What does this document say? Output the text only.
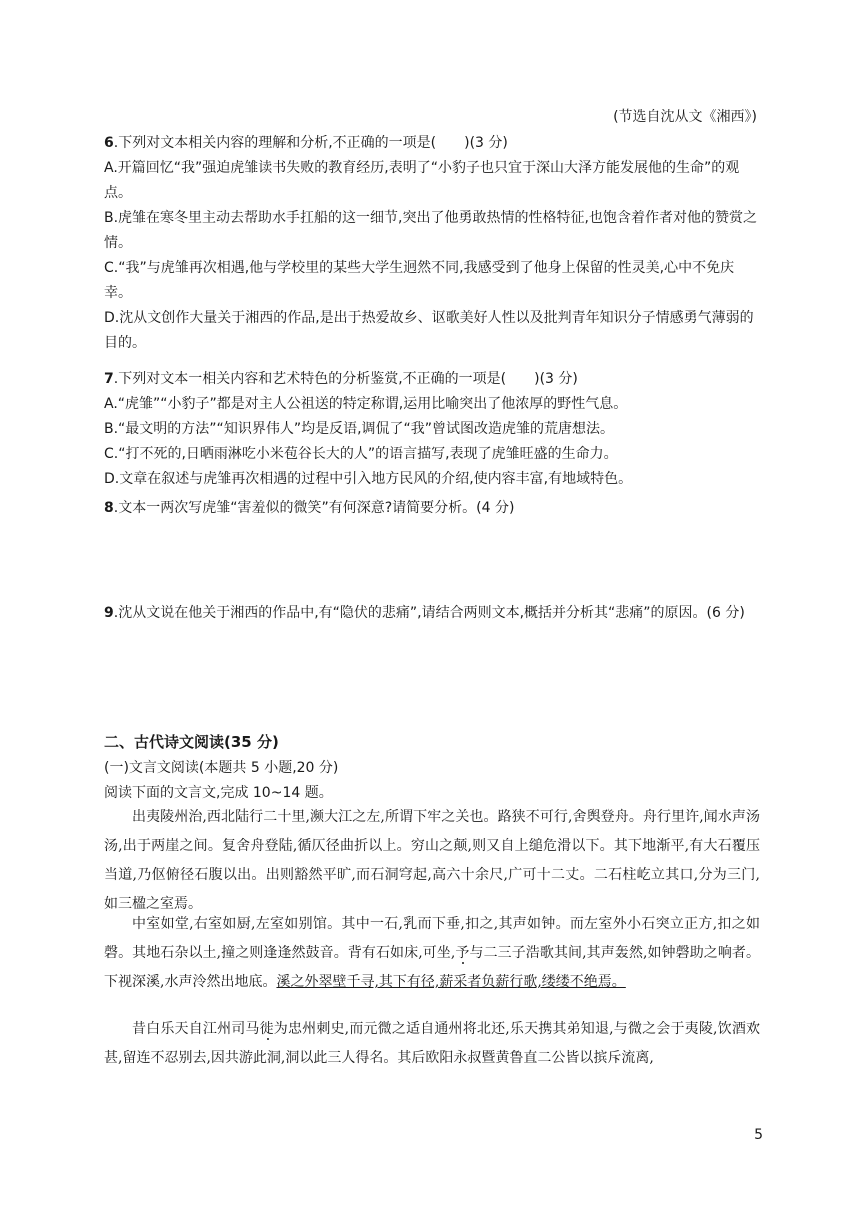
(节选自沈从文《湘西》)
6.下列对文本相关内容的理解和分析,不正确的一项是(　　)(3 分)
A.开篇回忆“我”强迫虎雏读书失败的教育经历,表明了“小豹子也只宜于深山大泽方能发展他的生命”的观点。
B.虎雏在寒冬里主动去帮助水手扛船的这一细节,突出了他勇敢热情的性格特征,也饱含着作者对他的赞赏之情。
C.“我”与虎雏再次相遇,他与学校里的某些大学生迥然不同,我感受到了他身上保留的性灵美,心中不免庆幸。
D.沈从文创作大量关于湘西的作品,是出于热爱故乡、讴歌美好人性以及批判青年知识分子情感勇气薄弱的目的。
7.下列对文本一相关内容和艺术特色的分析鉴赏,不正确的一项是(　　)(3 分)
A.“虎雏”“小豹子”都是对主人公祖送的特定称谓,运用比喻突出了他浓厚的野性气息。
B.“最文明的方法”“知识界伟人”均是反语,调侃了“我”曾试图改造虎雏的荒唐想法。
C.“打不死的,日晒雨淋吃小米苞谷长大的人”的语言描写,表现了虎雏旺盛的生命力。
D.文章在叙述与虎雏再次相遇的过程中引入地方民风的介绍,使内容丰富,有地域特色。
8.文本一两次写虎雏“害羞似的微笑”有何深意?请简要分析。(4 分)
9.沈从文说在他关于湘西的作品中,有“隐伏的悲痛”,请结合两则文本,概括并分析其“悲痛”的原因。(6 分)
二、古代诗文阅读(35 分)
(一)文言文阅读(本题共 5 小题,20 分)
阅读下面的文言文,完成 10~14 题。
出夷陵州治,西北陆行二十里,濒大江之左,所谓下牢之关也。路狭不可行,舍舆登舟。舟行里许,闻水声汤汤,出于两崖之间。复舍舟登陆,循仄径曲折以上。穷山之颠,则又自上缒危滑以下。其下地渐平,有大石覆压当道,乃伛俯径石腹以出。出则豁然平旷,而石洞穹起,高六十余尺,广可十二丈。二石柱屹立其口,分为三门,如三楹之室焉。
中室如堂,右室如厨,左室如别馆。其中一石,乳而下垂,扣之,其声如钟。而左室外小石突立正方,扣之如磬。其地石杂以土,撞之则逢逢然鼓音。背有石如床,可坐,予与二三子浩歌其间,其声轰然,如钟磬助之响者。下视深溪,水声泠然出地底。溪之外翠壁千寻,其下有径,薪采者负薪行歌,缕缕不绝焉。
昔白乐天自江州司马徙为忠州刺史,而元微之适自通州将北还,乐天携其弟知退,与微之会于夷陵,饮酒欢甚,留连不忍别去,因共游此洞,洞以此三人得名。其后欧阳永叔暨黄鲁直二公皆以摈斥流离,
5
